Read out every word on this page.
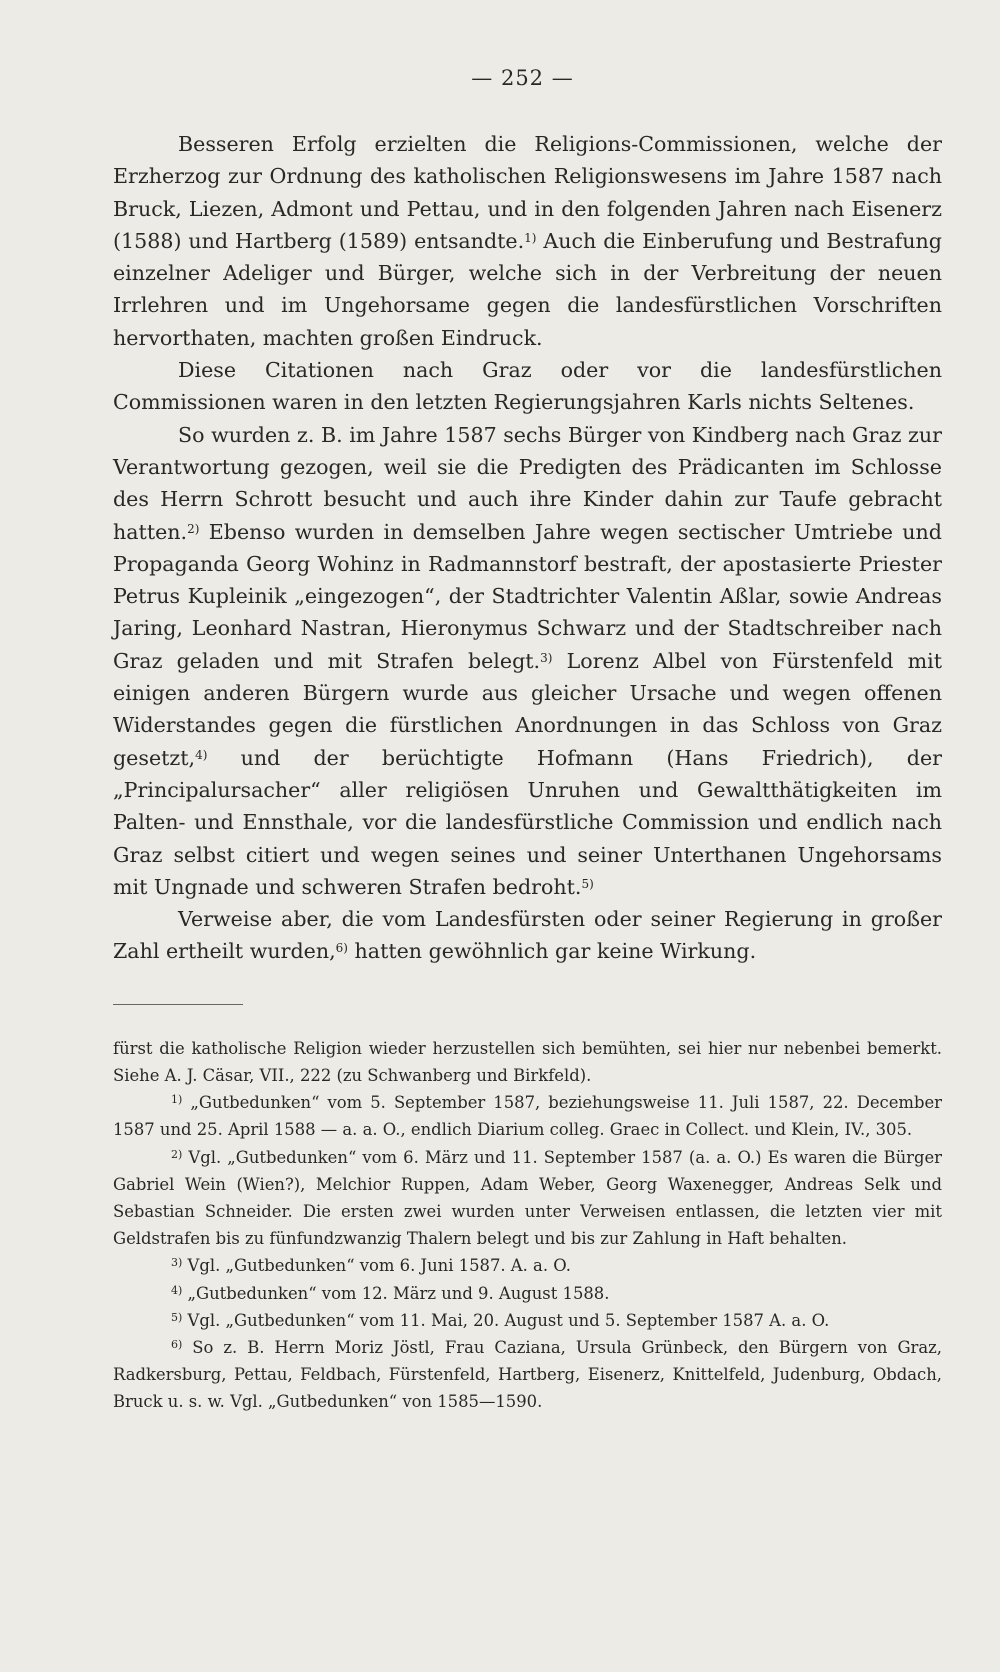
— 252 —

Besseren Erfolg erzielten die Religions-Commissionen, welche der Erzherzog zur Ordnung des katholischen Religionswesens im Jahre 1587 nach Bruck, Liezen, Admont und Pettau, und in den folgenden Jahren nach Eisenerz (1588) und Hartberg (1589) entsandte.$^{1)}$ Auch die Einberufung und Bestrafung einzelner Adeliger und Bürger, welche sich in der Verbreitung der neuen Irrlehren und im Ungehorsame gegen die landesfürstlichen Vorschriften hervorthaten, machten großen Eindruck.

Diese Citationen nach Graz oder vor die landesfürstlichen Commissionen waren in den letzten Regierungsjahren Karls nichts Seltenes.

So wurden z. B. im Jahre 1587 sechs Bürger von Kindberg nach Graz zur Verantwortung gezogen, weil sie die Predigten des Prädicanten im Schlosse des Herrn Schrott besucht und auch ihre Kinder dahin zur Taufe gebracht hatten.$^{2)}$ Ebenso wurden in demselben Jahre wegen sectischer Umtriebe und Propaganda Georg Wohinz in Radmannstorf bestraft, der apostasierte Priester Petrus Kupleinik „eingezogen“, der Stadtrichter Valentin Aßlar, sowie Andreas Jaring, Leonhard Nastran, Hieronymus Schwarz und der Stadtschreiber nach Graz geladen und mit Strafen belegt.$^{3)}$ Lorenz Albel von Fürstenfeld mit einigen anderen Bürgern wurde aus gleicher Ursache und wegen offenen Widerstandes gegen die fürstlichen Anordnungen in das Schloss von Graz gesetzt,$^{4)}$ und der berüchtigte Hofmann (Hans Friedrich), der „Principalursacher“ aller religiösen Unruhen und Gewaltthätigkeiten im Palten- und Ennsthale, vor die landesfürstliche Commission und endlich nach Graz selbst citiert und wegen seines und seiner Unterthanen Ungehorsams mit Ungnade und schweren Strafen bedroht.$^{5)}$

Verweise aber, die vom Landesfürsten oder seiner Regierung in großer Zahl ertheilt wurden,$^{6)}$ hatten gewöhnlich gar keine Wirkung.

fürst die katholische Religion wieder herzustellen sich bemühten, sei hier nur nebenbei bemerkt. Siehe A. J. Cäsar, VII., 222 (zu Schwanberg und Birkfeld).

$^{1)}$ „Gutbedunken“ vom 5. September 1587, beziehungsweise 11. Juli 1587, 22. December 1587 und 25. April 1588 — a. a. O., endlich Diarium colleg. Graec in Collect. und Klein, IV., 305.

$^{2)}$ Vgl. „Gutbedunken“ vom 6. März und 11. September 1587 (a. a. O.) Es waren die Bürger Gabriel Wein (Wien?), Melchior Ruppen, Adam Weber, Georg Waxenegger, Andreas Selk und Sebastian Schneider. Die ersten zwei wurden unter Verweisen entlassen, die letzten vier mit Geldstrafen bis zu fünfundzwanzig Thalern belegt und bis zur Zahlung in Haft behalten.

$^{3)}$ Vgl. „Gutbedunken“ vom 6. Juni 1587. A. a. O.

$^{4)}$ „Gutbedunken“ vom 12. März und 9. August 1588.

$^{5)}$ Vgl. „Gutbedunken“ vom 11. Mai, 20. August und 5. September 1587 A. a. O.

$^{6)}$ So z. B. Herrn Moriz Jöstl, Frau Caziana, Ursula Grünbeck, den Bürgern von Graz, Radkersburg, Pettau, Feldbach, Fürstenfeld, Hartberg, Eisenerz, Knittelfeld, Judenburg, Obdach, Bruck u. s. w. Vgl. „Gutbedunken“ von 1585—1590.
